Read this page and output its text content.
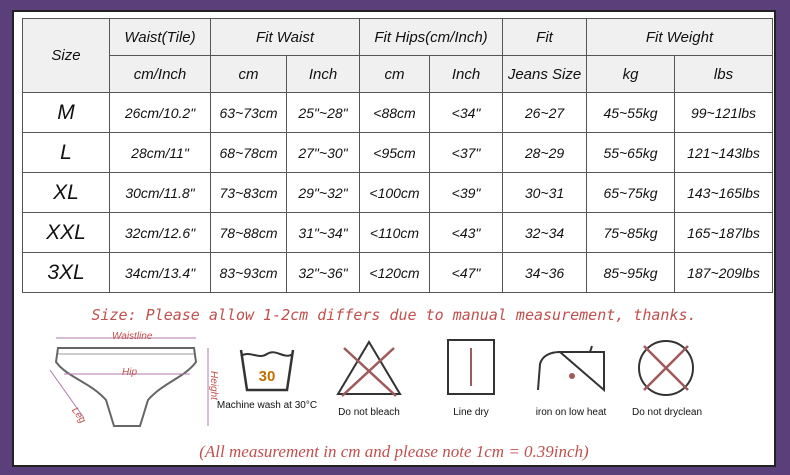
Size	Waist(Tile)	Fit Waist		Fit Hips(cm/Inch)		Fit	Fit Weight	
	cm/Inch	cm	Inch	cm	Inch	Jeans Size	kg	lbs
M	26cm/10.2"	63~73cm	25"~28"	<88cm	<34"	26~27	45~55kg	99~121lbs
L	28cm/11"	68~78cm	27"~30"	<95cm	<37"	28~29	55~65kg	121~143lbs
XL	30cm/11.8"	73~83cm	29"~32"	<100cm	<39"	30~31	65~75kg	143~165lbs
XXL	32cm/12.6"	78~88cm	31"~34"	<110cm	<43"	32~34	75~85kg	165~187lbs
3XL	34cm/13.4"	83~93cm	32"~36"	<120cm	<47"	34~36	85~95kg	187~209lbs
Size: Please allow 1-2cm differs due to manual measurement, thanks.
Waistline
Hip	Height
Leg
30
Machine wash at 30°C
Do not bleach	Line dry	iron on low heat	Do not dryclean
(All measurement in cm and please note 1cm = 0.39inch)
